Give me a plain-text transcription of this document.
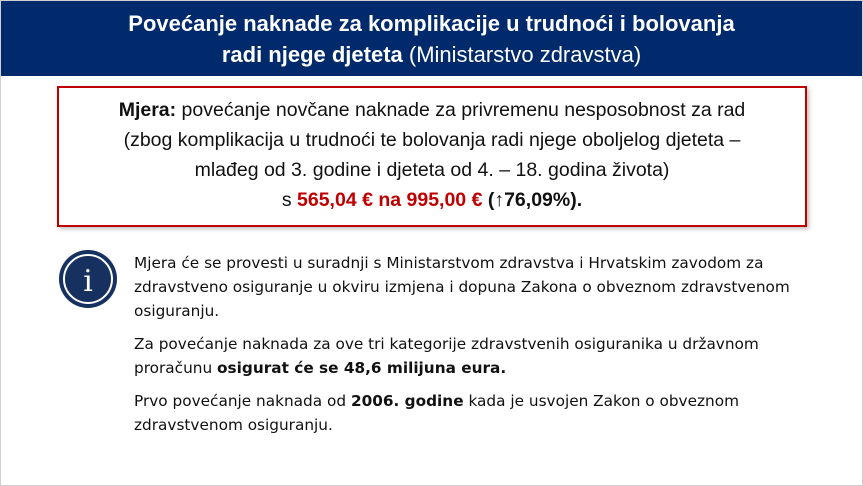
Povećanje naknade za komplikacije u trudnoći i bolovanja
radi njege djeteta (Ministarstvo zdravstva)
Mjera: povećanje novčane naknade za privremenu nesposobnost za rad
(zbog komplikacija u trudnoći te bolovanja radi njege oboljelog djeteta –
mlađeg od 3. godine i djeteta od 4. – 18. godina života)
s 565,04 € na 995,00 € (↑76,09%).
i

Mjera će se provesti u suradnji s Ministarstvom zdravstva i Hrvatskim zavodom za zdravstveno osiguranje u okviru izmjena i dopuna Zakona o obveznom zdravstvenom osiguranju.

Za povećanje naknada za ove tri kategorije zdravstvenih osiguranika u državnom proračunu osigurat će se 48,6 milijuna eura.

Prvo povećanje naknada od 2006. godine kada je usvojen Zakon o obveznom zdravstvenom osiguranju.
